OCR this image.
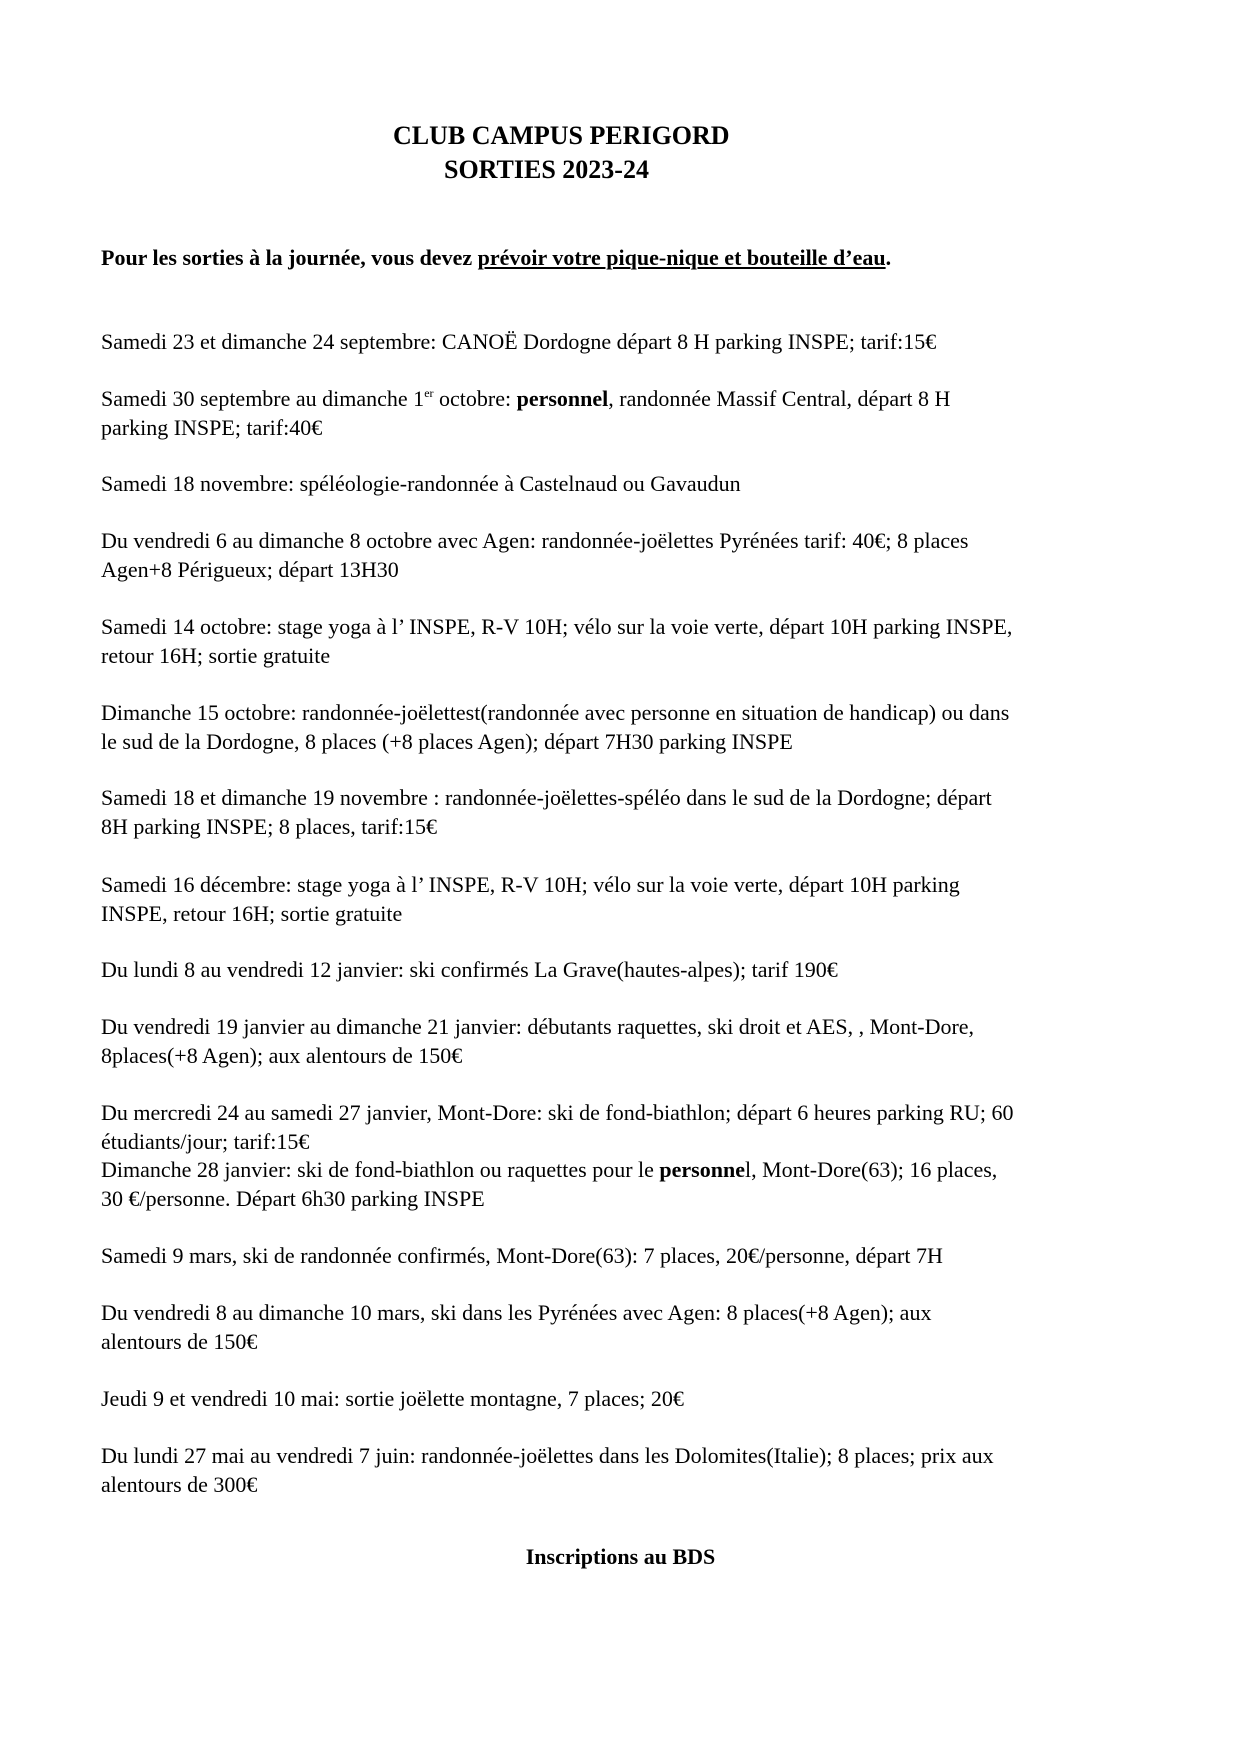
CLUB CAMPUS PERIGORD
SORTIES 2023-24
Pour les sorties à la journée, vous devez prévoir votre pique-nique et bouteille d’eau.
Samedi 23 et dimanche 24 septembre: CANOË Dordogne départ 8 H parking INSPE; tarif:15€
Samedi 30 septembre au dimanche 1er octobre: personnel, randonnée Massif Central, départ 8 H
parking INSPE; tarif:40€
Samedi 18 novembre: spéléologie-randonnée à Castelnaud ou Gavaudun
Du vendredi 6 au dimanche 8 octobre avec Agen: randonnée-joëlettes Pyrénées tarif: 40€; 8 places
Agen+8 Périgueux; départ 13H30
Samedi 14 octobre: stage yoga à l’ INSPE, R-V 10H; vélo sur la voie verte, départ 10H parking INSPE,
retour 16H; sortie gratuite
Dimanche 15 octobre: randonnée-joëlettest(randonnée avec personne en situation de handicap) ou dans
le sud de la Dordogne, 8 places (+8 places Agen); départ 7H30 parking INSPE
Samedi 18 et dimanche 19 novembre : randonnée-joëlettes-spéléo dans le sud de la Dordogne; départ
8H parking INSPE; 8 places, tarif:15€
Samedi 16 décembre: stage yoga à l’ INSPE, R-V 10H; vélo sur la voie verte, départ 10H parking
INSPE, retour 16H; sortie gratuite
Du lundi 8 au vendredi 12 janvier: ski confirmés La Grave(hautes-alpes); tarif 190€
Du vendredi 19 janvier au dimanche 21 janvier: débutants raquettes, ski droit et AES, , Mont-Dore,
8places(+8 Agen); aux alentours de 150€
Du mercredi 24 au samedi 27 janvier, Mont-Dore: ski de fond-biathlon; départ 6 heures parking RU; 60
étudiants/jour; tarif:15€
Dimanche 28 janvier: ski de fond-biathlon ou raquettes pour le personnel, Mont-Dore(63); 16 places,
30 €/personne. Départ 6h30 parking INSPE
Samedi 9 mars, ski de randonnée confirmés, Mont-Dore(63): 7 places, 20€/personne, départ 7H
Du vendredi 8 au dimanche 10 mars, ski dans les Pyrénées avec Agen: 8 places(+8 Agen); aux
alentours de 150€
Jeudi 9 et vendredi 10 mai: sortie joëlette montagne, 7 places; 20€
Du lundi 27 mai au vendredi 7 juin: randonnée-joëlettes dans les Dolomites(Italie); 8 places; prix aux
alentours de 300€
Inscriptions au BDS
